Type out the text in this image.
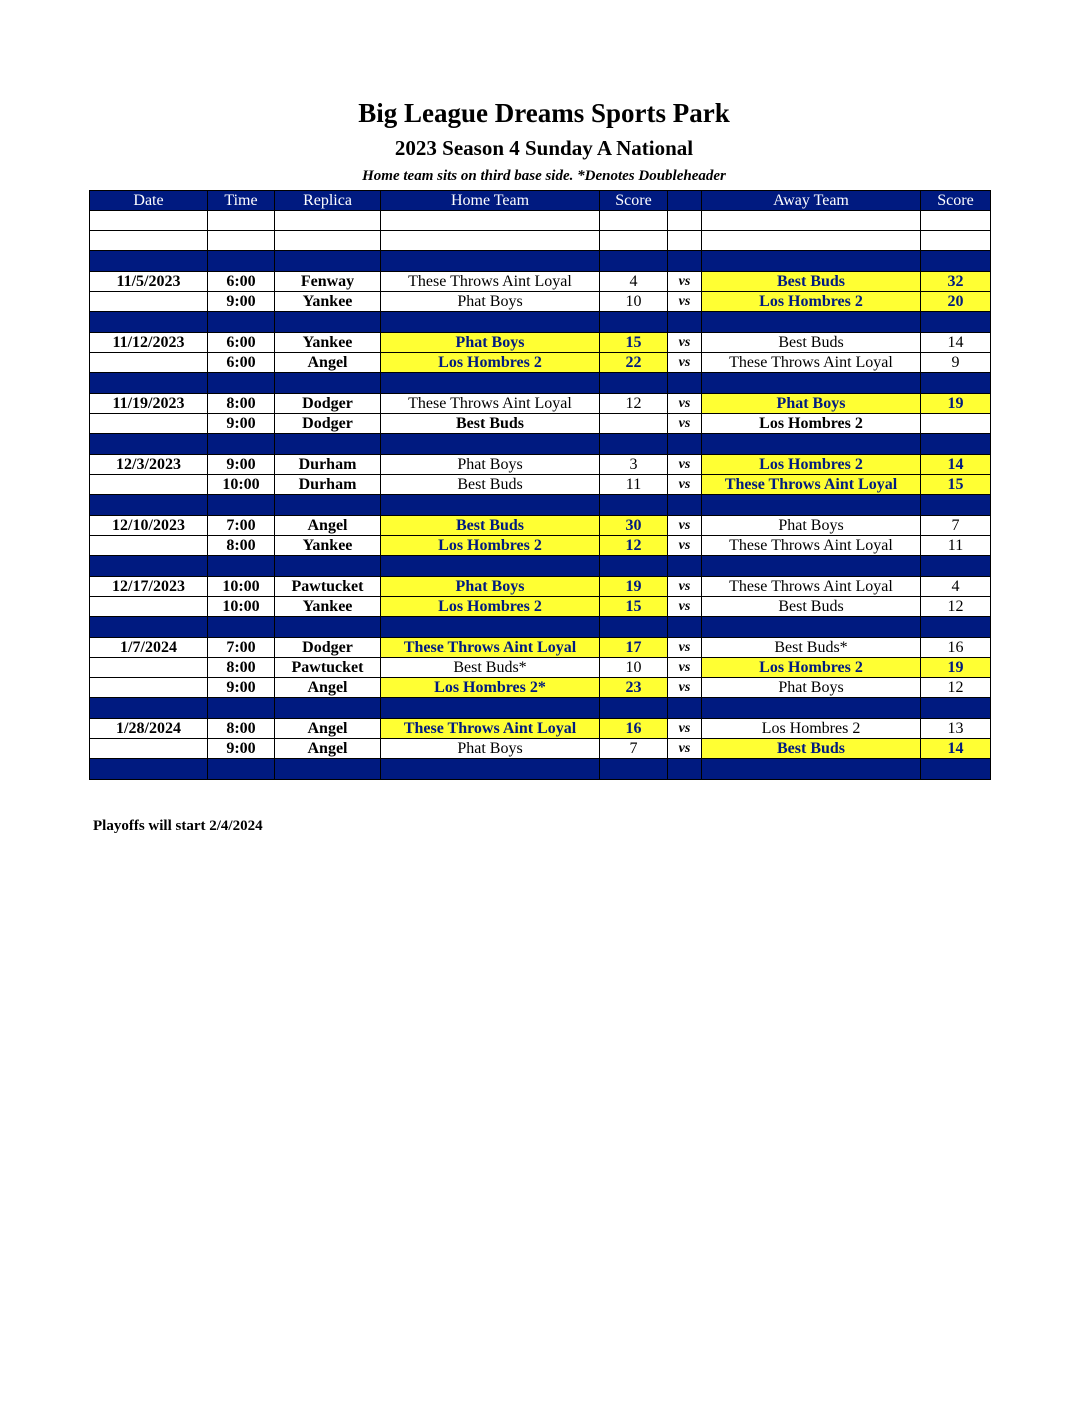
Big League Dreams Sports Park
2023 Season 4 Sunday A National
Home team sits on third base side. *Denotes Doubleheader
Date	Time	Replica	Home Team	Score		Away Team	Score

11/5/2023	6:00	Fenway	These Throws Aint Loyal	4	vs	Best Buds	32
	9:00	Yankee	Phat Boys	10	vs	Los Hombres 2	20

11/12/2023	6:00	Yankee	Phat Boys	15	vs	Best Buds	14
	6:00	Angel	Los Hombres 2	22	vs	These Throws Aint Loyal	9

11/19/2023	8:00	Dodger	These Throws Aint Loyal	12	vs	Phat Boys	19
	9:00	Dodger	Best Buds		vs	Los Hombres 2	

12/3/2023	9:00	Durham	Phat Boys	3	vs	Los Hombres 2	14
	10:00	Durham	Best Buds	11	vs	These Throws Aint Loyal	15

12/10/2023	7:00	Angel	Best Buds	30	vs	Phat Boys	7
	8:00	Yankee	Los Hombres 2	12	vs	These Throws Aint Loyal	11

12/17/2023	10:00	Pawtucket	Phat Boys	19	vs	These Throws Aint Loyal	4
	10:00	Yankee	Los Hombres 2	15	vs	Best Buds	12

1/7/2024	7:00	Dodger	These Throws Aint Loyal	17	vs	Best Buds*	16
	8:00	Pawtucket	Best Buds*	10	vs	Los Hombres 2	19
	9:00	Angel	Los Hombres 2*	23	vs	Phat Boys	12

1/28/2024	8:00	Angel	These Throws Aint Loyal	16	vs	Los Hombres 2	13
	9:00	Angel	Phat Boys	7	vs	Best Buds	14

Playoffs will start 2/4/2024
